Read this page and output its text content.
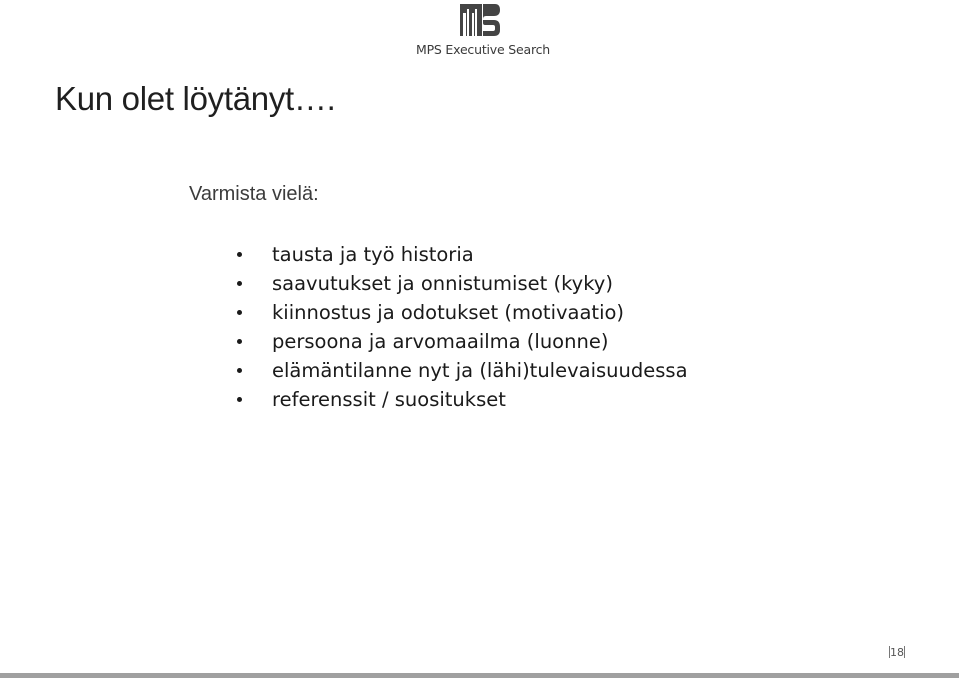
MPS Executive Search
Kun olet löytänyt….
Varmista vielä:
tausta ja työ historia
saavutukset ja onnistumiset (kyky)
kiinnostus ja odotukset (motivaatio)
persoona ja arvomaailma (luonne)
elämäntilanne nyt ja (lähi)tulevaisuudessa
referenssit / suositukset
18
